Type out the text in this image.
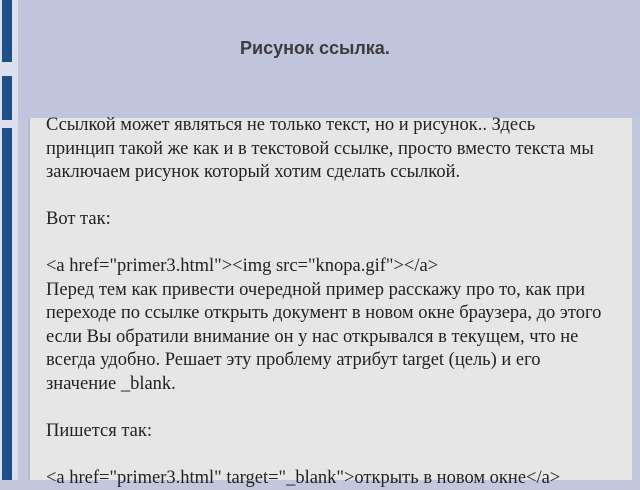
Рисунок ссылка.

Ссылкой может являться не только текст, но и рисунок.. Здесь принцип такой же как и в текстовой ссылке, просто вместо текста мы заключаем рисунок который хотим сделать ссылкой.

Вот так:

<a href="primer3.html"><img src="knopa.gif"></a>

Перед тем как привести очередной пример расскажу про то, как при переходе по ссылке открыть документ в новом окне браузера, до этого если Вы обратили внимание он у нас открывался в текущем, что не всегда удобно. Решает эту проблему атрибут target (цель) и его значение _blank.

Пишется так:

<a href="primer3.html" target="_blank">открыть в новом окне</a>
